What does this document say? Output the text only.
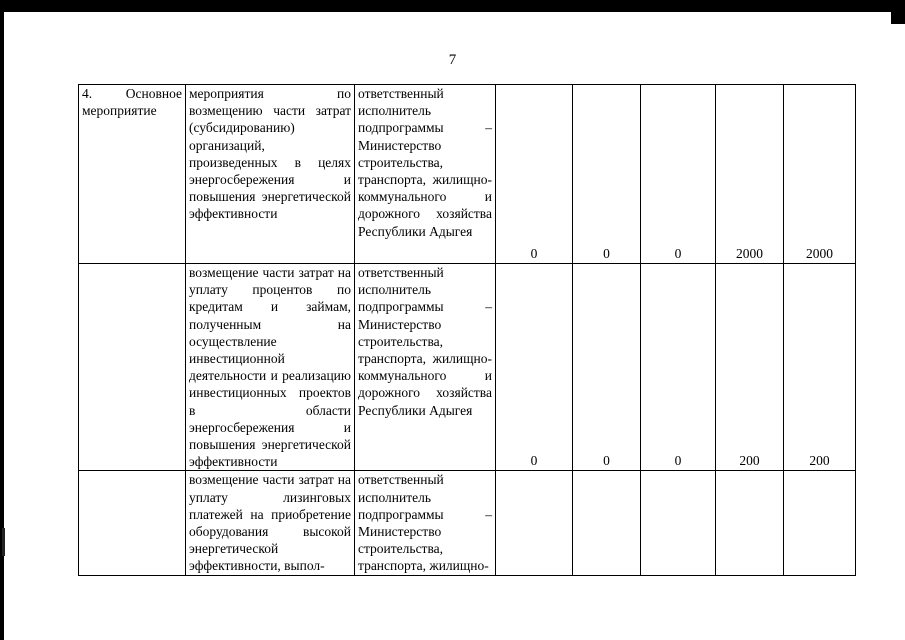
7
4. Основное мероприятие	мероприятия по возмещению части затрат (субсидированию) организаций, произведенных в целях энергосбережения и повышения энергетической эффективности	ответственный исполнитель подпрограммы – Министерство строительства, транспорта, жилищно-коммунального и дорожного хозяйства Республики Адыгея	0	0	0	2000	2000
	возмещение части затрат на уплату процентов по кредитам и займам, полученным на осуществление инвестиционной деятельности и реализацию инвестиционных проектов в области энергосбережения и повышения энергетической эффективности	ответственный исполнитель подпрограммы – Министерство строительства, транспорта, жилищно-коммунального и дорожного хозяйства Республики Адыгея	0	0	0	200	200
	возмещение части затрат на уплату лизинговых платежей на приобретение оборудования высокой энергетической эффективности, выпол-	ответственный исполнитель подпрограммы – Министерство строительства, транспорта, жилищно-					
